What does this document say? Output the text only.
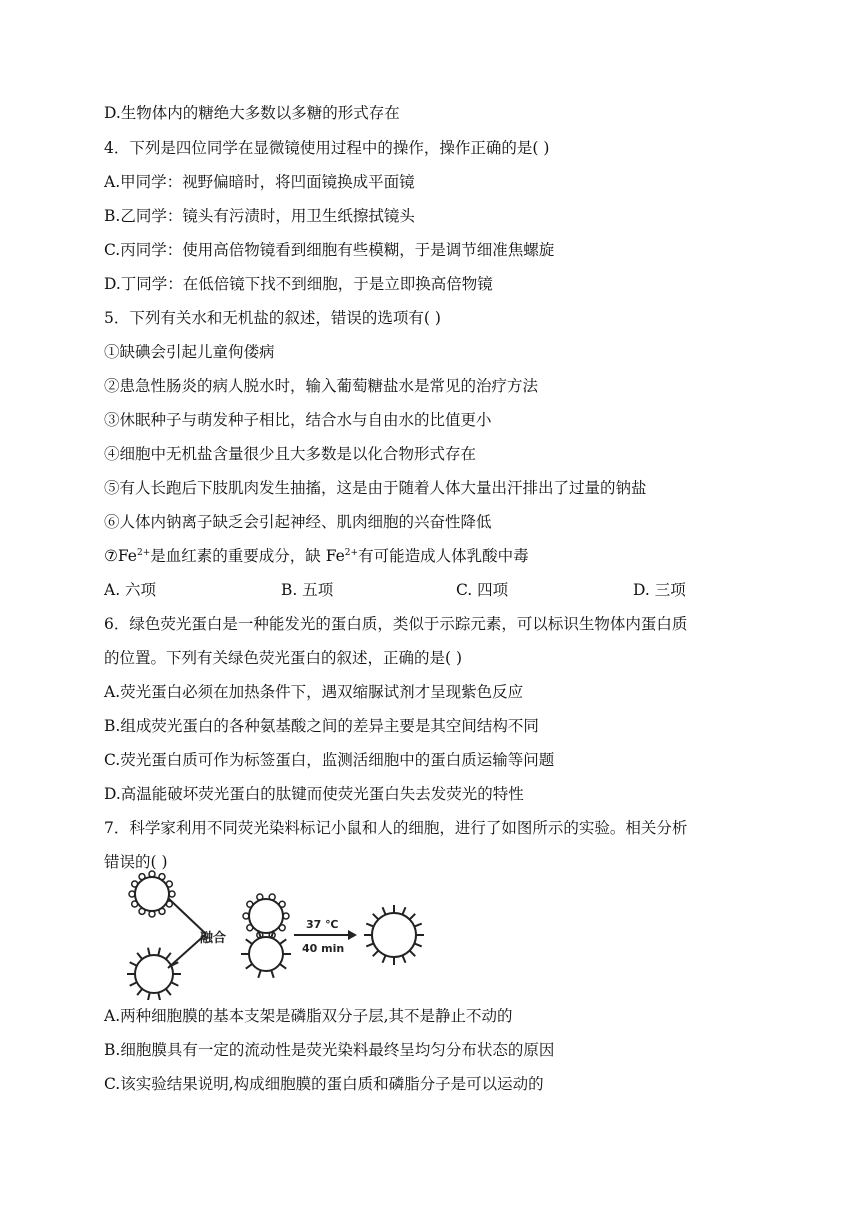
D.生物体内的糖绝大多数以多糖的形式存在
4．下列是四位同学在显微镜使用过程中的操作，操作正确的是( )
A.甲同学：视野偏暗时，将凹面镜换成平面镜
B.乙同学：镜头有污渍时，用卫生纸擦拭镜头
C.丙同学：使用高倍物镜看到细胞有些模糊，于是调节细准焦螺旋
D.丁同学：在低倍镜下找不到细胞，于是立即换高倍物镜
5．下列有关水和无机盐的叙述，错误的选项有( )
①缺碘会引起儿童佝偻病
②患急性肠炎的病人脱水时，输入葡萄糖盐水是常见的治疗方法
③休眠种子与萌发种子相比，结合水与自由水的比值更小
④细胞中无机盐含量很少且大多数是以化合物形式存在
⑤有人长跑后下肢肌肉发生抽搐，这是由于随着人体大量出汗排出了过量的钠盐
⑥人体内钠离子缺乏会引起神经、肌肉细胞的兴奋性降低
$⑦Fe^{2+}$是血红素的重要成分，缺 $Fe^{2+}$有可能造成人体乳酸中毒
A. 六项	B. 五项	C. 四项	D. 三项
6．绿色荧光蛋白是一种能发光的蛋白质，类似于示踪元素，可以标识生物体内蛋白质
的位置。下列有关绿色荧光蛋白的叙述，正确的是( )
A.荧光蛋白必须在加热条件下，遇双缩脲试剂才呈现紫色反应
B.组成荧光蛋白的各种氨基酸之间的差异主要是其空间结构不同
C.荧光蛋白质可作为标签蛋白，监测活细胞中的蛋白质运输等问题
D.高温能破坏荧光蛋白的肽键而使荧光蛋白失去发荧光的特性
7．科学家利用不同荧光染料标记小鼠和人的细胞，进行了如图所示的实验。相关分析
错误的( )
融合
37 ℃
40 min
A.两种细胞膜的基本支架是磷脂双分子层,其不是静止不动的
B.细胞膜具有一定的流动性是荧光染料最终呈均匀分布状态的原因
C.该实验结果说明,构成细胞膜的蛋白质和磷脂分子是可以运动的
